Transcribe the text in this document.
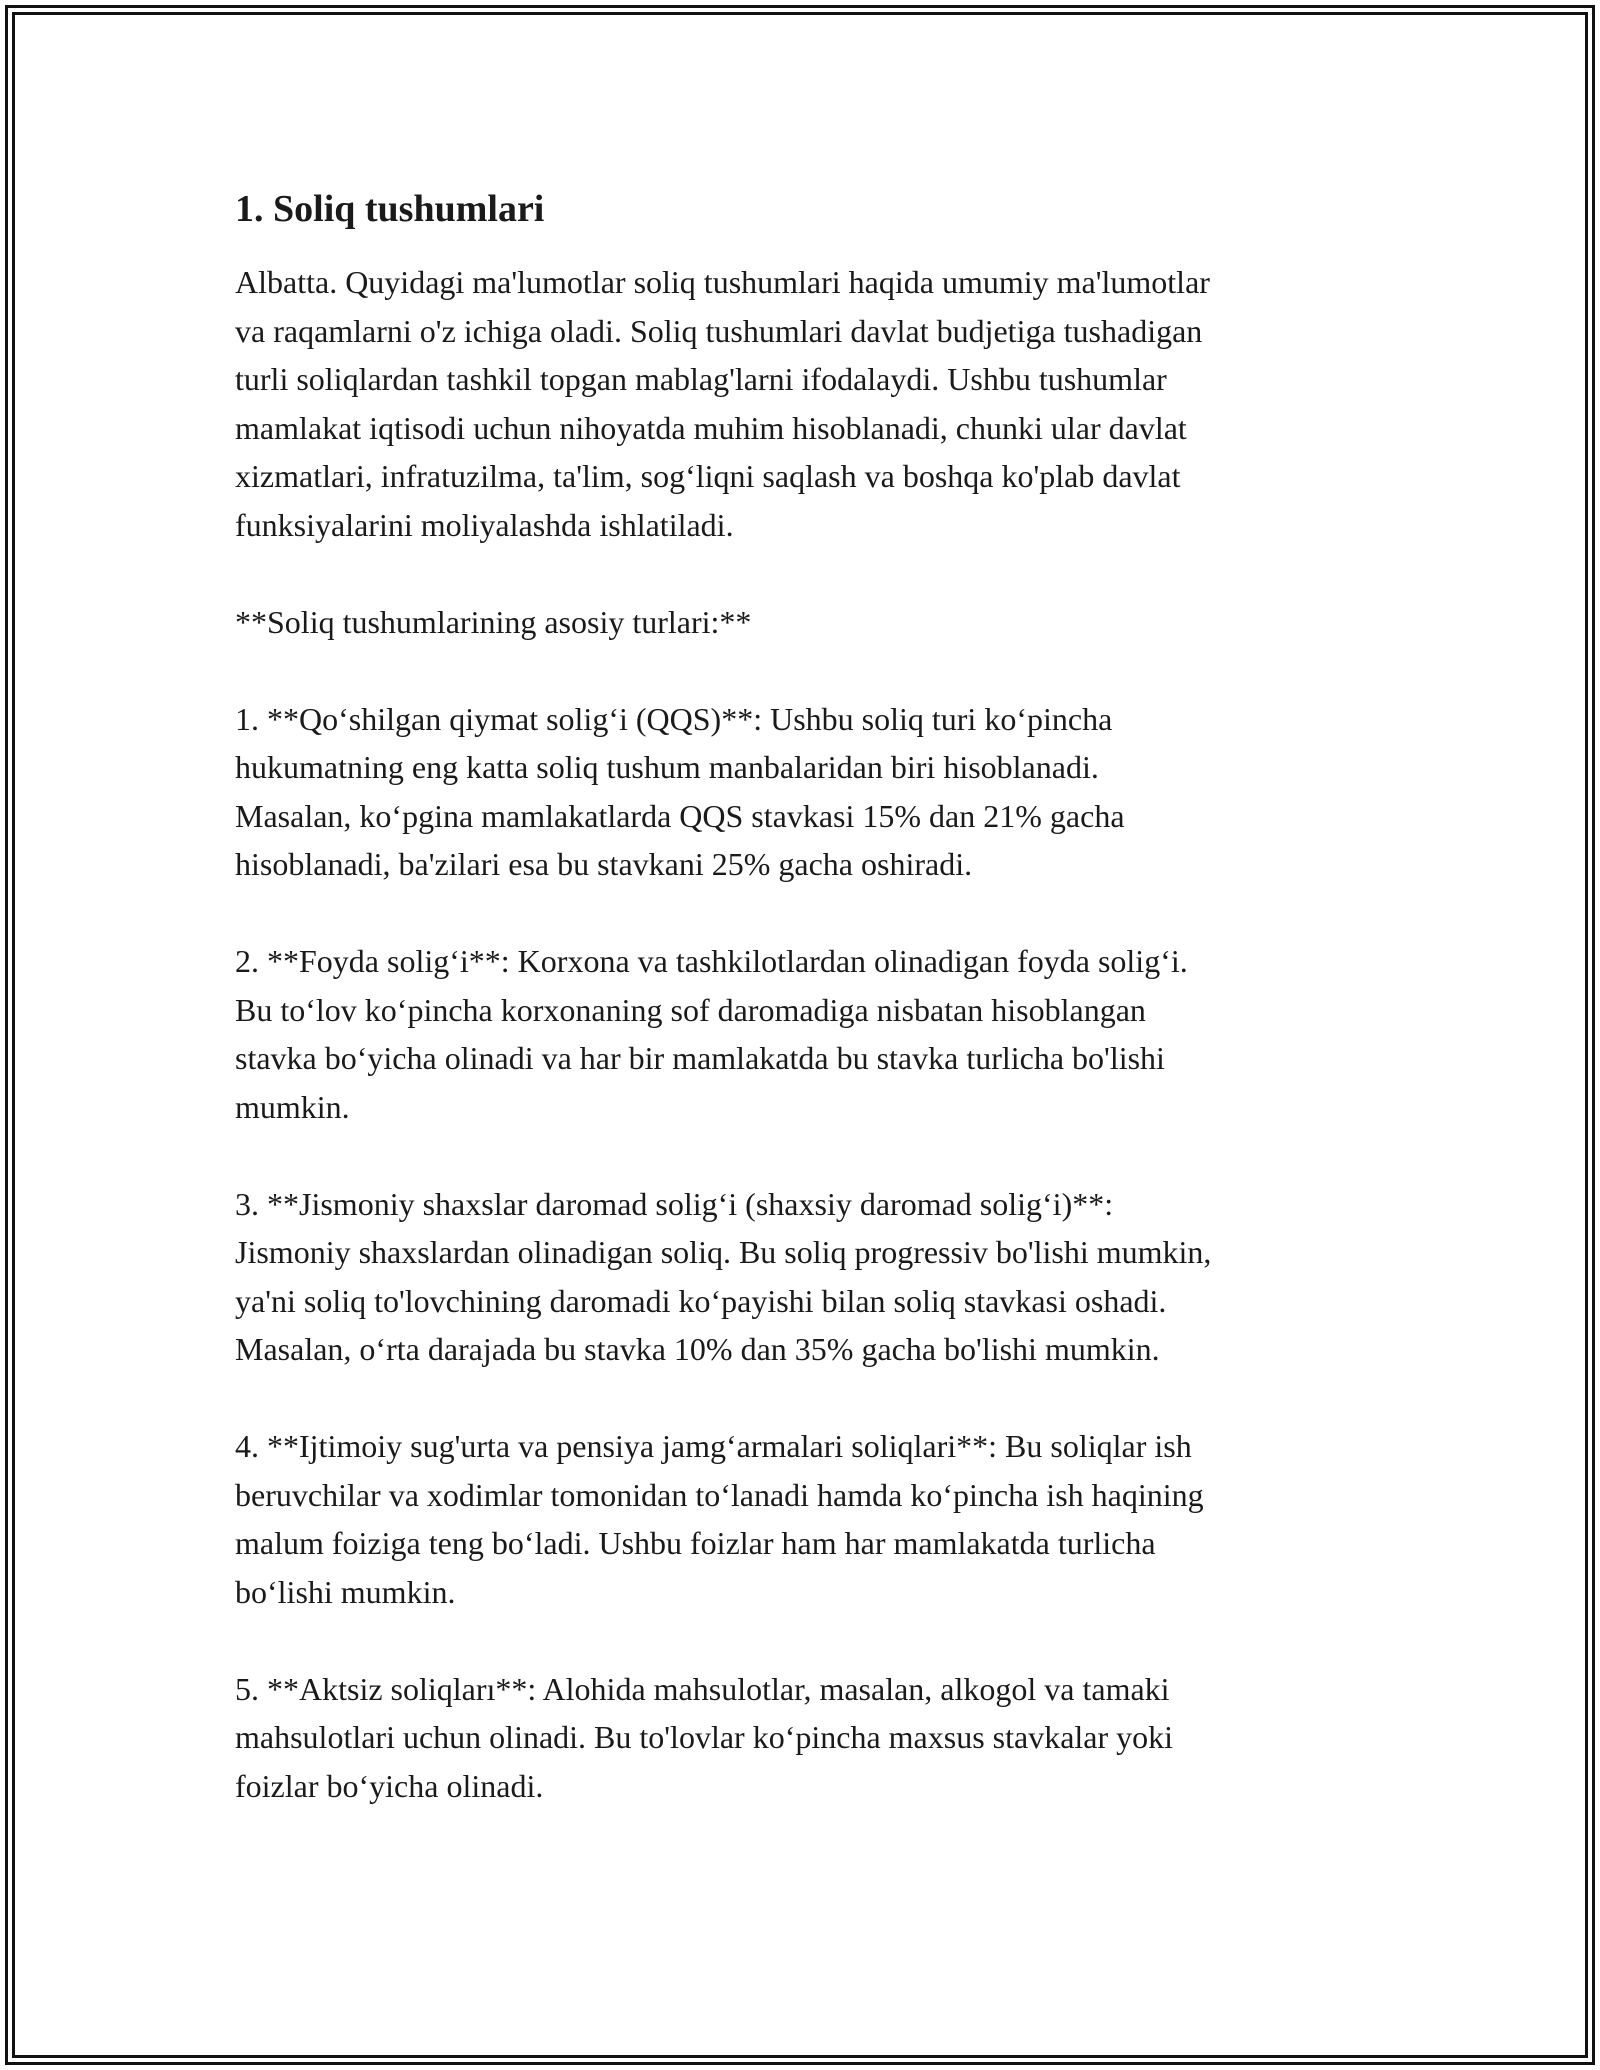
1. Soliq tushumlari

Albatta. Quyidagi ma'lumotlar soliq tushumlari haqida umumiy ma'lumotlar
va raqamlarni o'z ichiga oladi. Soliq tushumlari davlat budjetiga tushadigan
turli soliqlardan tashkil topgan mablag'larni ifodalaydi. Ushbu tushumlar
mamlakat iqtisodi uchun nihoyatda muhim hisoblanadi, chunki ular davlat
xizmatlari, infratuzilma, ta'lim, sog‘liqni saqlash va boshqa ko'plab davlat
funksiyalarini moliyalashda ishlatiladi.

**Soliq tushumlarining asosiy turlari:**

1. **Qo‘shilgan qiymat solig‘i (QQS)**: Ushbu soliq turi ko‘pincha
hukumatning eng katta soliq tushum manbalaridan biri hisoblanadi.
Masalan, ko‘pgina mamlakatlarda QQS stavkasi 15% dan 21% gacha
hisoblanadi, ba'zilari esa bu stavkani 25% gacha oshiradi.

2. **Foyda solig‘i**: Korxona va tashkilotlardan olinadigan foyda solig‘i.
Bu to‘lov ko‘pincha korxonaning sof daromadiga nisbatan hisoblangan
stavka bo‘yicha olinadi va har bir mamlakatda bu stavka turlicha bo'lishi
mumkin.

3. **Jismoniy shaxslar daromad solig‘i (shaxsiy daromad solig‘i)**:
Jismoniy shaxslardan olinadigan soliq. Bu soliq progressiv bo'lishi mumkin,
ya'ni soliq to'lovchining daromadi ko‘payishi bilan soliq stavkasi oshadi.
Masalan, o‘rta darajada bu stavka 10% dan 35% gacha bo'lishi mumkin.

4. **Ijtimoiy sug'urta va pensiya jamg‘armalari soliqlari**: Bu soliqlar ish
beruvchilar va xodimlar tomonidan to‘lanadi hamda ko‘pincha ish haqining
malum foiziga teng bo‘ladi. Ushbu foizlar ham har mamlakatda turlicha
bo‘lishi mumkin.

5. **Aktsiz soliqları**: Alohida mahsulotlar, masalan, alkogol va tamaki
mahsulotlari uchun olinadi. Bu to'lovlar ko‘pincha maxsus stavkalar yoki
foizlar bo‘yicha olinadi.
